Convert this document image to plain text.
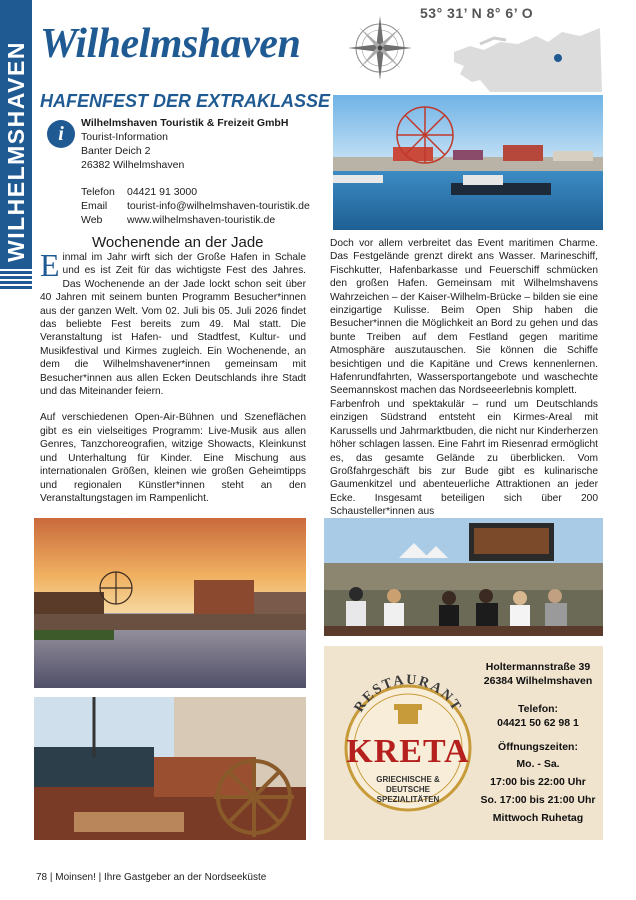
WILHELMSHAVEN Wilhelmshaven
53° 31’ N 8° 6’ O
HAFENFEST DER EXTRAKLASSE
i	Wilhelmshaven Touristik & Freizeit GmbH
Tourist-Information
Banter Deich 2
26382 Wilhelmshaven
Telefon 04421 91 3000
Email tourist-info@wilhelmshaven-touristik.de
Web www.wilhelmshaven-touristik.de
Wochenende an der Jade

Einmal im Jahr wirft sich der Große Hafen in Schale und es ist Zeit für das wichtigste Fest des Jahres. Das Wochenende an der Jade lockt schon seit über 40 Jahren mit seinem bunten Programm Besucher*innen aus der ganzen Welt. Vom 02. Juli bis 05. Juli 2026 findet das beliebte Fest bereits zum 49. Mal statt. Die Veranstaltung ist Hafen- und Stadtfest, Kultur- und Musikfestival und Kirmes zugleich. Ein Wochenende, an dem die Wilhelmshavener*innen gemeinsam mit Besucher*innen aus allen Ecken Deutschlands ihre Stadt und das Miteinander feiern.

Auf verschiedenen Open-Air-Bühnen und Szeneflächen gibt es ein vielseitiges Programm: Live-Musik aus allen Genres, Tanzchoreografien, witzige Showacts, Kleinkunst und Unterhaltung für Kinder. Eine Mischung aus internationalen Größen, kleinen wie großen Geheimtipps und regionalen Künstler*innen steht an den Veranstaltungstagen im Rampenlicht.

Doch vor allem verbreitet das Event maritimen Charme. Das Festgelände grenzt direkt ans Wasser. Marineschiff, Fischkutter, Hafenbarkasse und Feuerschiff schmücken den großen Hafen. Gemeinsam mit Wilhelmshavens Wahrzeichen – der Kaiser-Wilhelm-Brücke – bilden sie eine einzigartige Kulisse. Beim Open Ship haben die Besucher*innen die Möglichkeit an Bord zu gehen und das bunte Treiben auf dem Festland gegen maritime Atmosphäre auszutauschen. Sie können die Schiffe besichtigen und die Kapitäne und Crews kennenlernen. Hafenrundfahrten, Wassersportangebote und waschechte Seemannskost machen das Nordseeerlebnis komplett.

Farbenfroh und spektakulär – rund um Deutschlands einzigen Südstrand entsteht ein Kirmes-Areal mit Karussells und Jahrmarktbuden, die nicht nur Kinderherzen höher schlagen lassen. Eine Fahrt im Riesenrad ermöglicht es, das gesamte Gelände zu überblicken. Vom Großfahrgeschäft bis zur Bude gibt es kulinarische Gaumenkitzel und abenteuerliche Attraktionen an jeder Ecke. Insgesamt beteiligen sich über 200 Schausteller*innen aus

RESTAURANT
KRETA
GRIECHISCHE &
DEUTSCHE
SPEZIALITÄTEN
Holtermannstraße 39
26384 Wilhelmshaven
Telefon:
04421 50 62 98 1
Öffnungszeiten:
Mo. - Sa.
17:00 bis 22:00 Uhr
So. 17:00 bis 21:00 Uhr
Mittwoch Ruhetag
78 | Moinsen! | Ihre Gastgeber an der Nordseeküste
